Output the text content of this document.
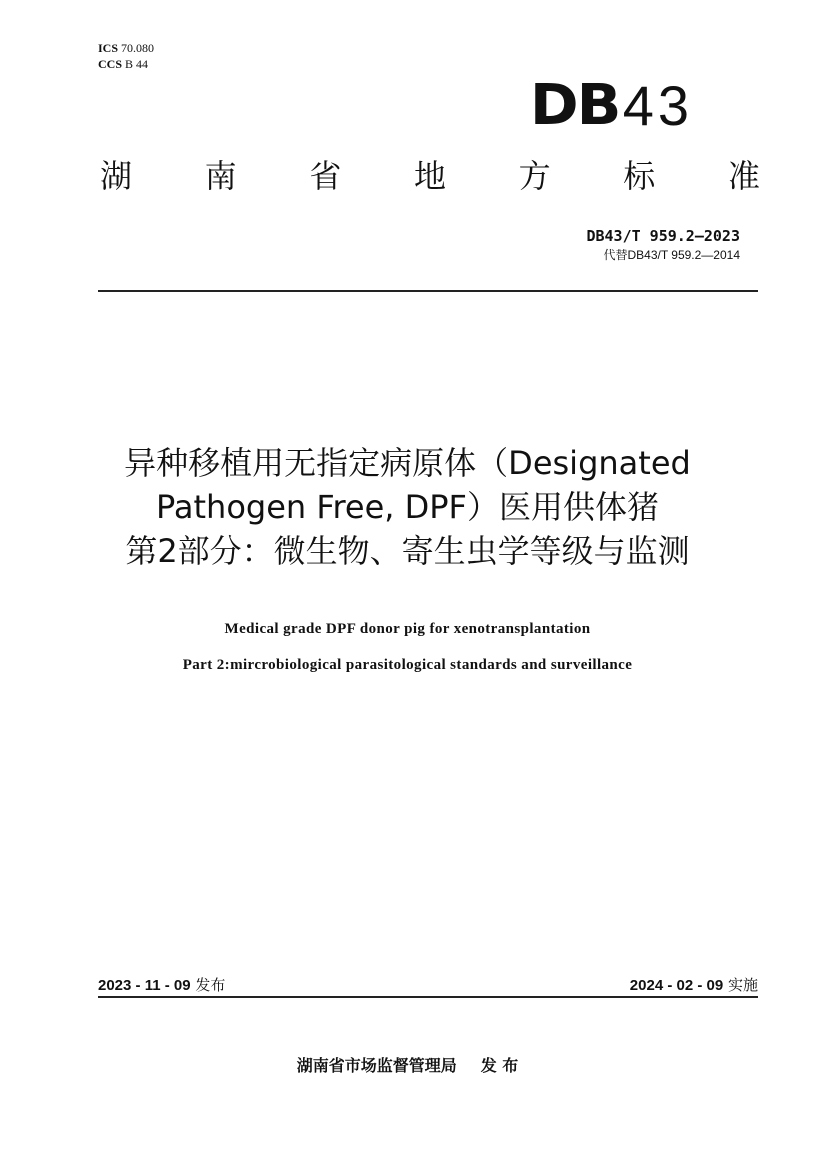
ICS 70.080
CCS B 44
DB 43
湖 南 省 地 方 标 准
DB43/T 959.2—2023
代替DB43/T 959.2—2014
异种移植用无指定病原体（Designated
Pathogen Free, DPF）医用供体猪
第2部分：微生物、寄生虫学等级与监测
Medical grade DPF donor pig for xenotransplantation
Part 2:mircrobiological parasitological standards and surveillance
2023 - 11 - 09 发布	2024 - 02 - 09 实施
湖南省市场监督管理局 发 布
